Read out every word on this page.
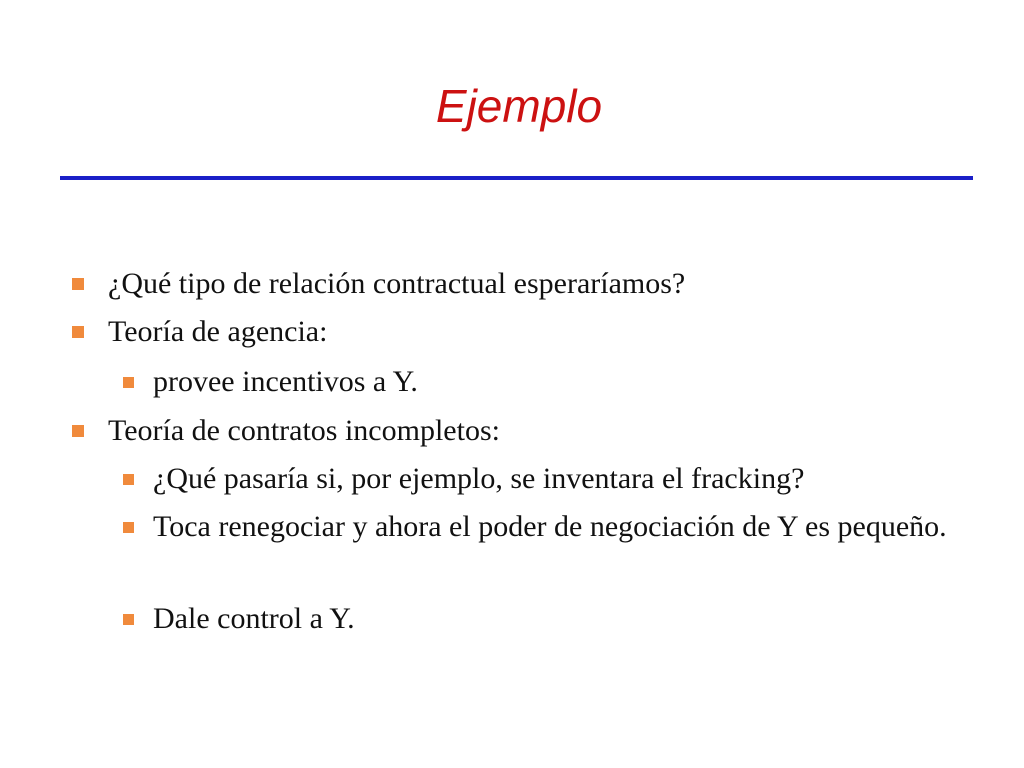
Ejemplo
¿Qué tipo de relación contractual esperaríamos?
Teoría de agencia:
provee incentivos a Y.
Teoría de contratos incompletos:
¿Qué pasaría si, por ejemplo, se inventara el fracking?
Toca renegociar y ahora el poder de negociación de Y es pequeño.
Dale control a Y.
